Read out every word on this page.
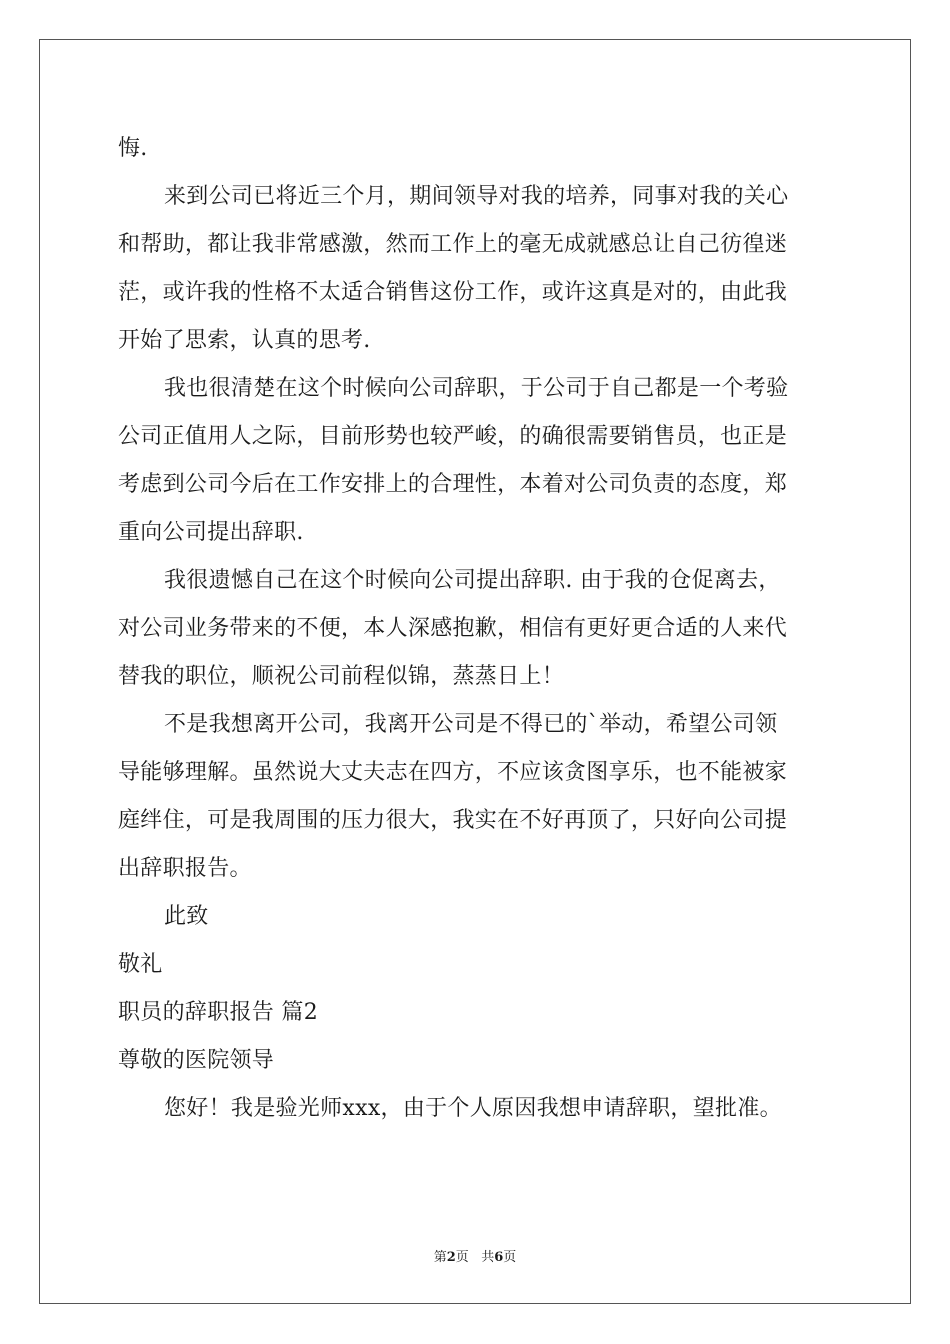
悔.
来到公司已将近三个月，期间领导对我的培养，同事对我的关心
和帮助，都让我非常感激，然而工作上的毫无成就感总让自己彷徨迷
茫，或许我的性格不太适合销售这份工作，或许这真是对的，由此我
开始了思索，认真的思考.
我也很清楚在这个时候向公司辞职，于公司于自己都是一个考验
公司正值用人之际，目前形势也较严峻，的确很需要销售员，也正是
考虑到公司今后在工作安排上的合理性，本着对公司负责的态度，郑
重向公司提出辞职.
我很遗憾自己在这个时候向公司提出辞职. 由于我的仓促离去，
对公司业务带来的不便，本人深感抱歉，相信有更好更合适的人来代
替我的职位，顺祝公司前程似锦，蒸蒸日上！
不是我想离开公司，我离开公司是不得已的`举动，希望公司领
导能够理解。虽然说大丈夫志在四方，不应该贪图享乐，也不能被家
庭绊住，可是我周围的压力很大，我实在不好再顶了，只好向公司提
出辞职报告。
此致
敬礼
职员的辞职报告 篇2
尊敬的医院领导
您好！我是验光师xxx，由于个人原因我想申请辞职，望批准。
第2页 共6页
